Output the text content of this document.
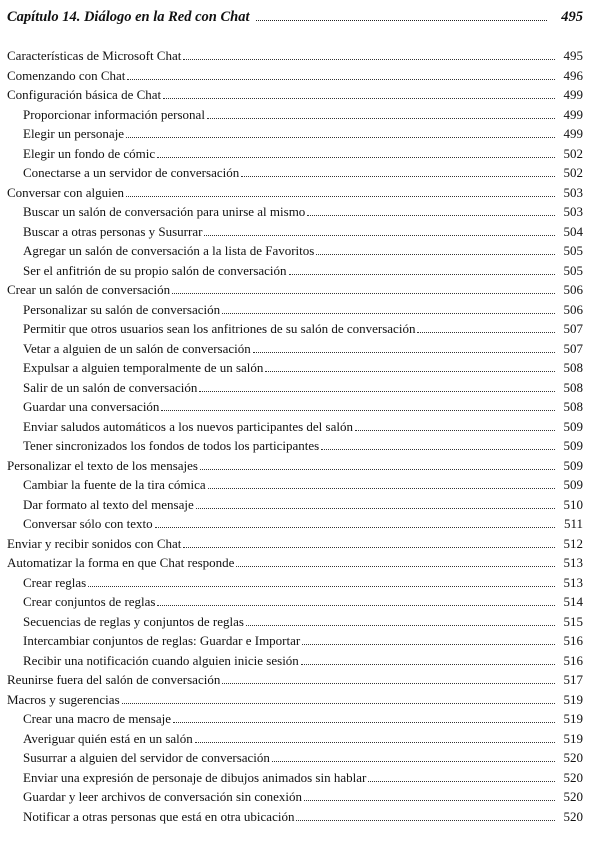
Capítulo 14. Diálogo en la Red con Chat	495
Características de Microsoft Chat	495
Comenzando con Chat	496
Configuración básica de Chat	499
Proporcionar información personal	499
Elegir un personaje	499
Elegir un fondo de cómic	502
Conectarse a un servidor de conversación	502
Conversar con alguien	503
Buscar un salón de conversación para unirse al mismo	503
Buscar a otras personas y Susurrar	504
Agregar un salón de conversación a la lista de Favoritos	505
Ser el anfitrión de su propio salón de conversación	505
Crear un salón de conversación	506
Personalizar su salón de conversación	506
Permitir que otros usuarios sean los anfitriones de su salón de conversación	507
Vetar a alguien de un salón de conversación	507
Expulsar a alguien temporalmente de un salón	508
Salir de un salón de conversación	508
Guardar una conversación	508
Enviar saludos automáticos a los nuevos participantes del salón	509
Tener sincronizados los fondos de todos los participantes	509
Personalizar el texto de los mensajes	509
Cambiar la fuente de la tira cómica	509
Dar formato al texto del mensaje	510
Conversar sólo con texto	511
Enviar y recibir sonidos con Chat	512
Automatizar la forma en que Chat responde	513
Crear reglas	513
Crear conjuntos de reglas	514
Secuencias de reglas y conjuntos de reglas	515
Intercambiar conjuntos de reglas: Guardar e Importar	516
Recibir una notificación cuando alguien inicie sesión	516
Reunirse fuera del salón de conversación	517
Macros y sugerencias	519
Crear una macro de mensaje	519
Averiguar quién está en un salón	519
Susurrar a alguien del servidor de conversación	520
Enviar una expresión de personaje de dibujos animados sin hablar	520
Guardar y leer archivos de conversación sin conexión	520
Notificar a otras personas que está en otra ubicación	520
